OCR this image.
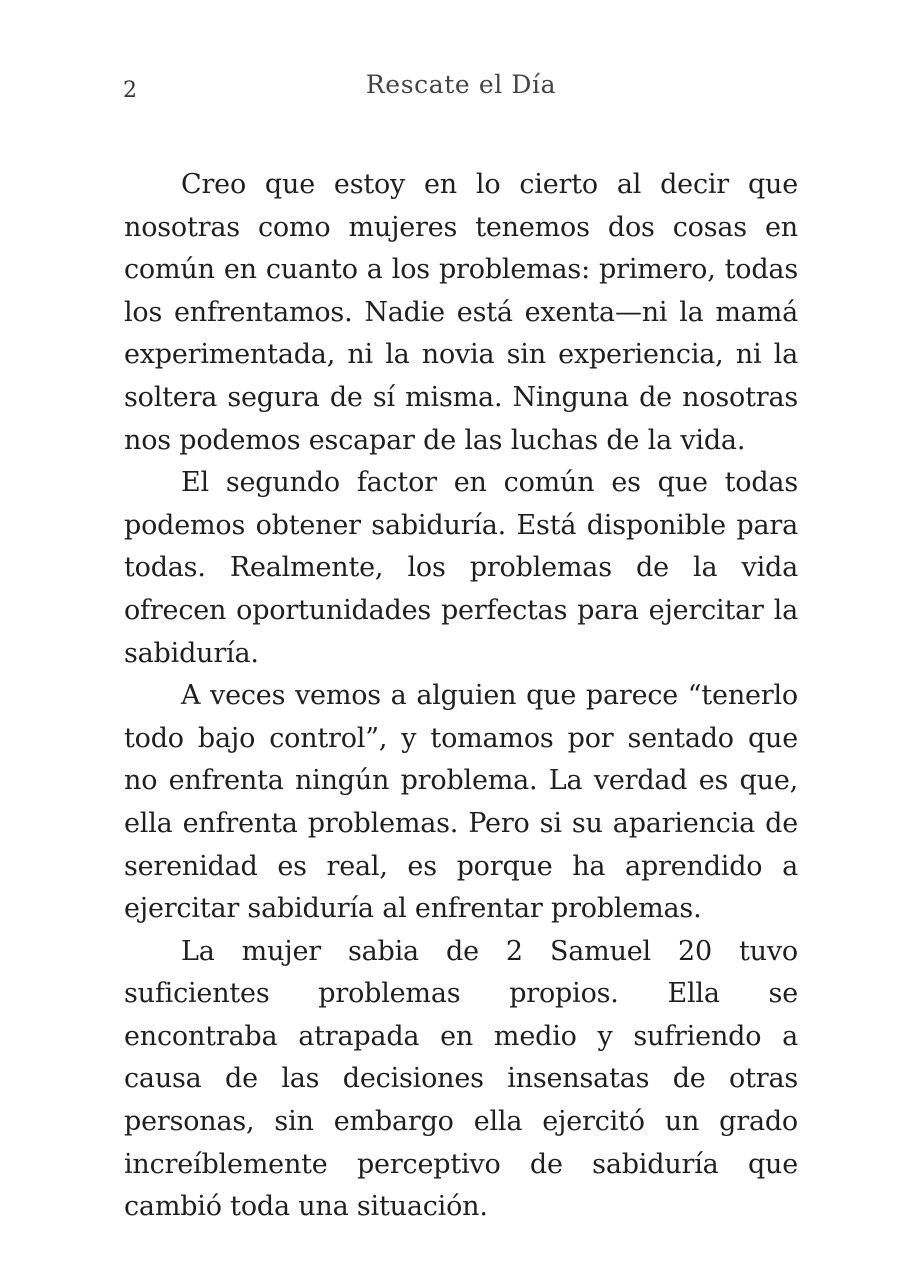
2	Rescate el Día

Creo que estoy en lo cierto al decir que nosotras como mujeres tenemos dos cosas en común en cuanto a los problemas: primero, todas los enfrentamos. Nadie está exenta—ni la mamá experimentada, ni la novia sin experiencia, ni la soltera segura de sí misma. Ninguna de nosotras nos podemos escapar de las luchas de la vida.

El segundo factor en común es que todas podemos obtener sabiduría. Está disponible para todas. Realmente, los problemas de la vida ofrecen oportunidades perfectas para ejercitar la sabiduría.

A veces vemos a alguien que parece “tenerlo todo bajo control”, y tomamos por sentado que no enfrenta ningún problema. La verdad es que, ella enfrenta problemas. Pero si su apariencia de serenidad es real, es porque ha aprendido a ejercitar sabiduría al enfrentar problemas.

La mujer sabia de 2 Samuel 20 tuvo suficientes problemas propios. Ella se encontraba atrapada en medio y sufriendo a causa de las decisiones insensatas de otras personas, sin embargo ella ejercitó un grado increíblemente perceptivo de sabiduría que cambió toda una situación.
